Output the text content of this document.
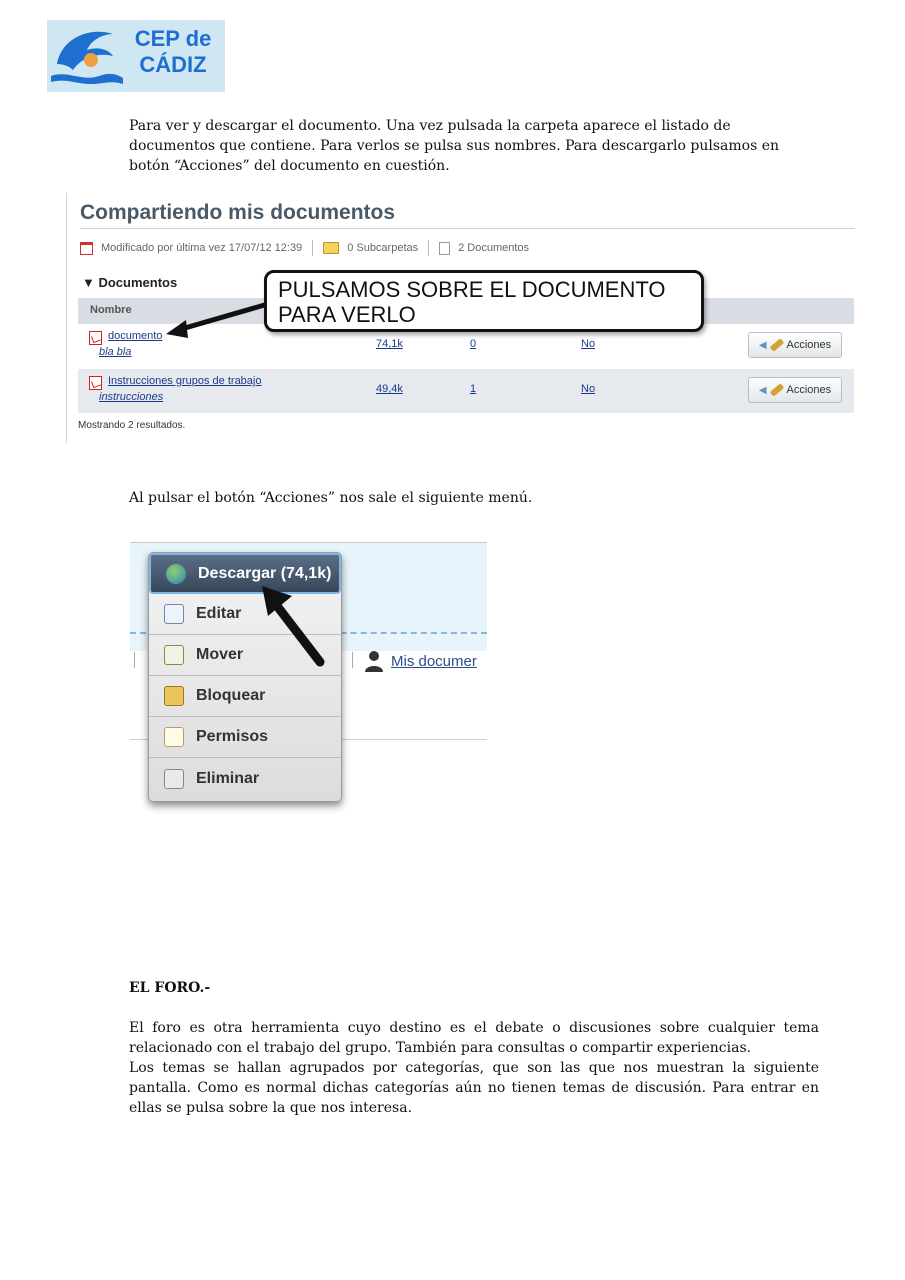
CEP de
CÁDIZ
Para ver y descargar el documento. Una vez pulsada la carpeta aparece el listado de documentos que contiene. Para verlos se pulsa sus nombres. Para descargarlo pulsamos en botón “Acciones” del documento en cuestión.
Compartiendo mis documentos
Modificado por última vez 17/07/12 12:39	0 Subcarpetas	2 Documentos
▼ Documentos
Nombre
documento
bla bla
74,1k	0	No	◀ Acciones
Instrucciones grupos de trabajo
instrucciones
49,4k	1	No	◀ Acciones
Mostrando 2 resultados.
PULSAMOS SOBRE EL DOCUMENTO
PARA VERLO
Al pulsar el botón “Acciones” nos sale el siguiente menú.
Mis documer
Descargar (74,1k)
Editar
Mover
Bloquear
Permisos
Eliminar
EL FORO.-
El foro es otra herramienta cuyo destino es el debate o discusiones sobre cualquier tema relacionado con el trabajo del grupo. También para consultas o compartir experiencias.
Los temas se hallan agrupados por categorías, que son las que nos muestran la siguiente pantalla. Como es normal dichas categorías aún no tienen temas de discusión. Para entrar en ellas se pulsa sobre la que nos interesa.
